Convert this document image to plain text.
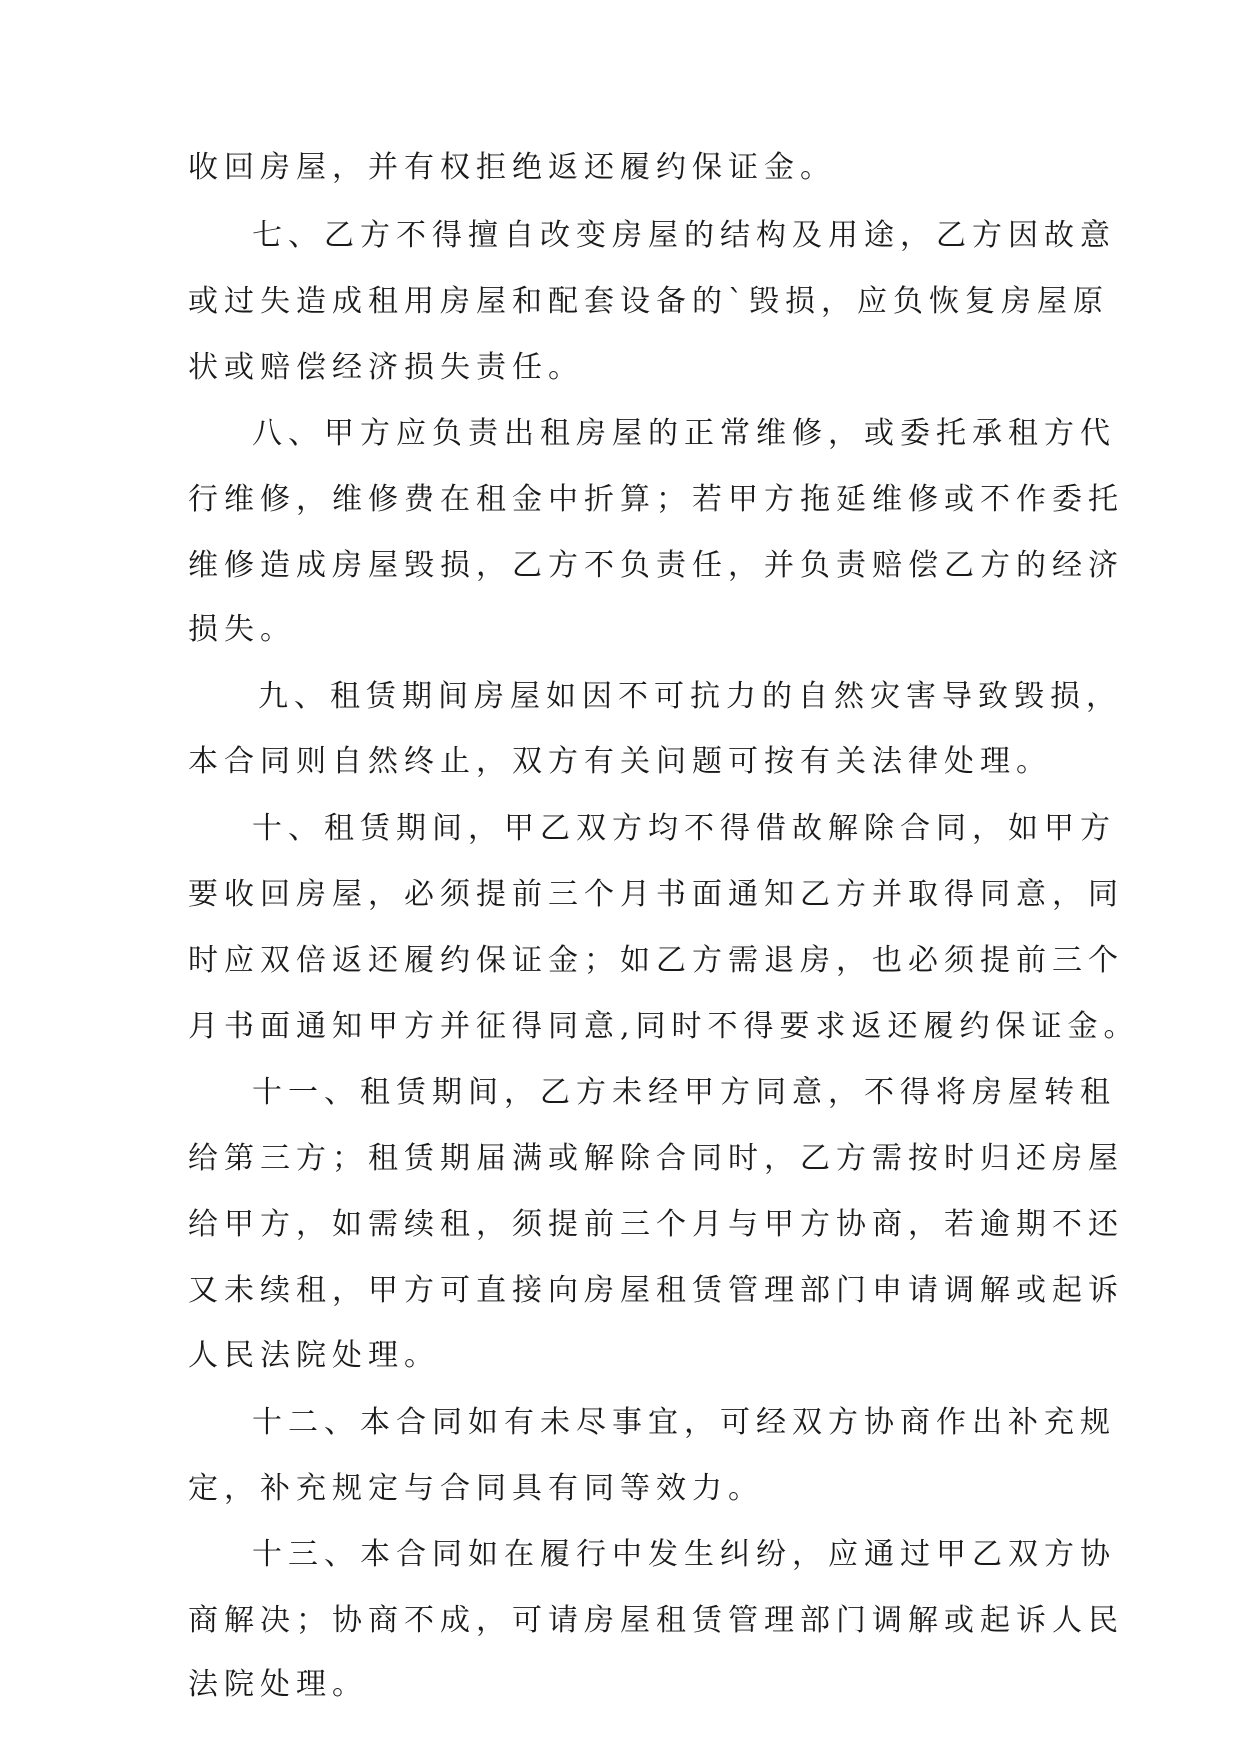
收回房屋，并有权拒绝返还履约保证金。
七、乙方不得擅自改变房屋的结构及用途，乙方因故意
或过失造成租用房屋和配套设备的`毁损，应负恢复房屋原
状或赔偿经济损失责任。
八、甲方应负责出租房屋的正常维修，或委托承租方代
行维修，维修费在租金中折算；若甲方拖延维修或不作委托
维修造成房屋毁损，乙方不负责任，并负责赔偿乙方的经济
损失。
九、租赁期间房屋如因不可抗力的自然灾害导致毁损，
本合同则自然终止，双方有关问题可按有关法律处理。
十、租赁期间，甲乙双方均不得借故解除合同，如甲方
要收回房屋，必须提前三个月书面通知乙方并取得同意，同
时应双倍返还履约保证金；如乙方需退房，也必须提前三个
月书面通知甲方并征得同意,同时不得要求返还履约保证金。
十一、租赁期间，乙方未经甲方同意，不得将房屋转租
给第三方；租赁期届满或解除合同时，乙方需按时归还房屋
给甲方，如需续租，须提前三个月与甲方协商，若逾期不还
又未续租，甲方可直接向房屋租赁管理部门申请调解或起诉
人民法院处理。
十二、本合同如有未尽事宜，可经双方协商作出补充规
定，补充规定与合同具有同等效力。
十三、本合同如在履行中发生纠纷，应通过甲乙双方协
商解决；协商不成，可请房屋租赁管理部门调解或起诉人民
法院处理。
